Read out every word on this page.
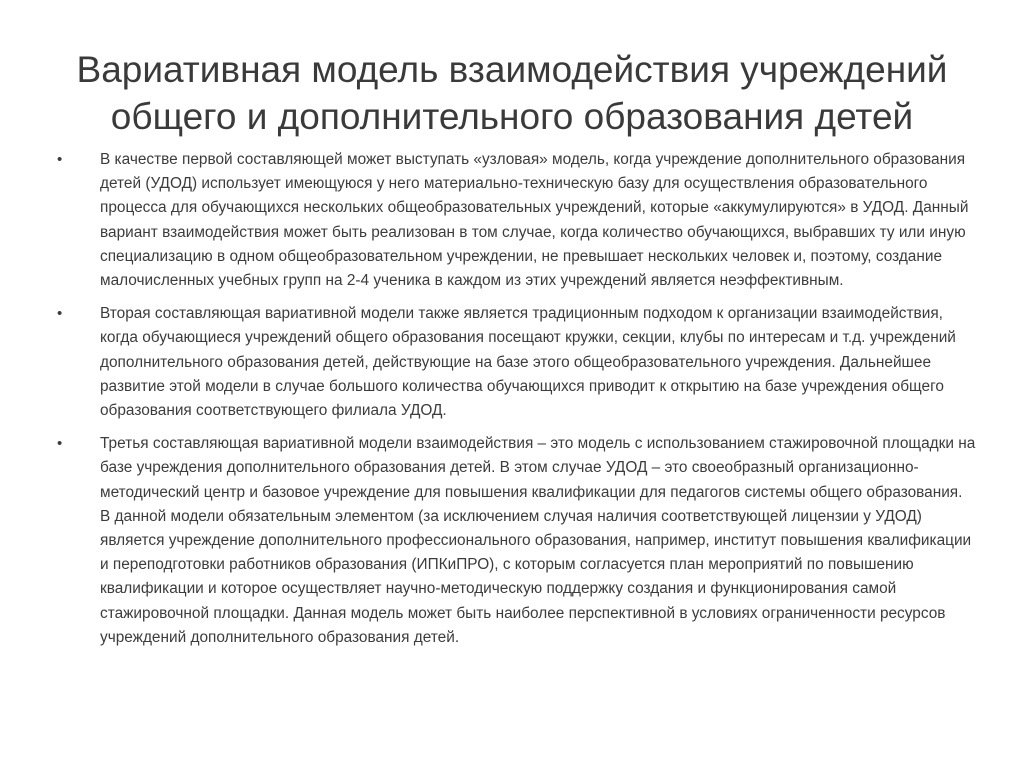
Вариативная модель взаимодействия учреждений
общего и дополнительного образования детей
• В качестве первой составляющей может выступать «узловая» модель, когда учреждение дополнительного образования детей (УДОД) использует имеющуюся у него материально-техническую базу для осуществления образовательного процесса для обучающихся нескольких общеобразовательных учреждений, которые «аккумулируются» в УДОД. Данный вариант взаимодействия может быть реализован в том случае, когда количество обучающихся, выбравших ту или иную специализацию в одном общеобразовательном учреждении, не превышает нескольких человек и, поэтому, создание малочисленных учебных групп на 2-4 ученика в каждом из этих учреждений является неэффективным.
• Вторая составляющая вариативной модели также является традиционным подходом к организации взаимодействия, когда обучающиеся учреждений общего образования посещают кружки, секции, клубы по интересам и т.д. учреждений дополнительного образования детей, действующие на базе этого общеобразовательного учреждения. Дальнейшее развитие этой модели в случае большого количества обучающихся приводит к открытию на базе учреждения общего образования соответствующего филиала УДОД.
• Третья составляющая вариативной модели взаимодействия – это модель с использованием стажировочной площадки на базе учреждения дополнительного образования детей. В этом случае УДОД – это своеобразный организационно-методический центр и базовое учреждение для повышения квалификации для педагогов системы общего образования. В данной модели обязательным элементом (за исключением случая наличия соответствующей лицензии у УДОД) является учреждение дополнительного профессионального образования, например, институт повышения квалификации и переподготовки работников образования (ИПКиПРО), с которым согласуется план мероприятий по повышению квалификации и которое осуществляет научно-методическую поддержку создания и функционирования самой стажировочной площадки. Данная модель может быть наиболее перспективной в условиях ограниченности ресурсов учреждений дополнительного образования детей.
